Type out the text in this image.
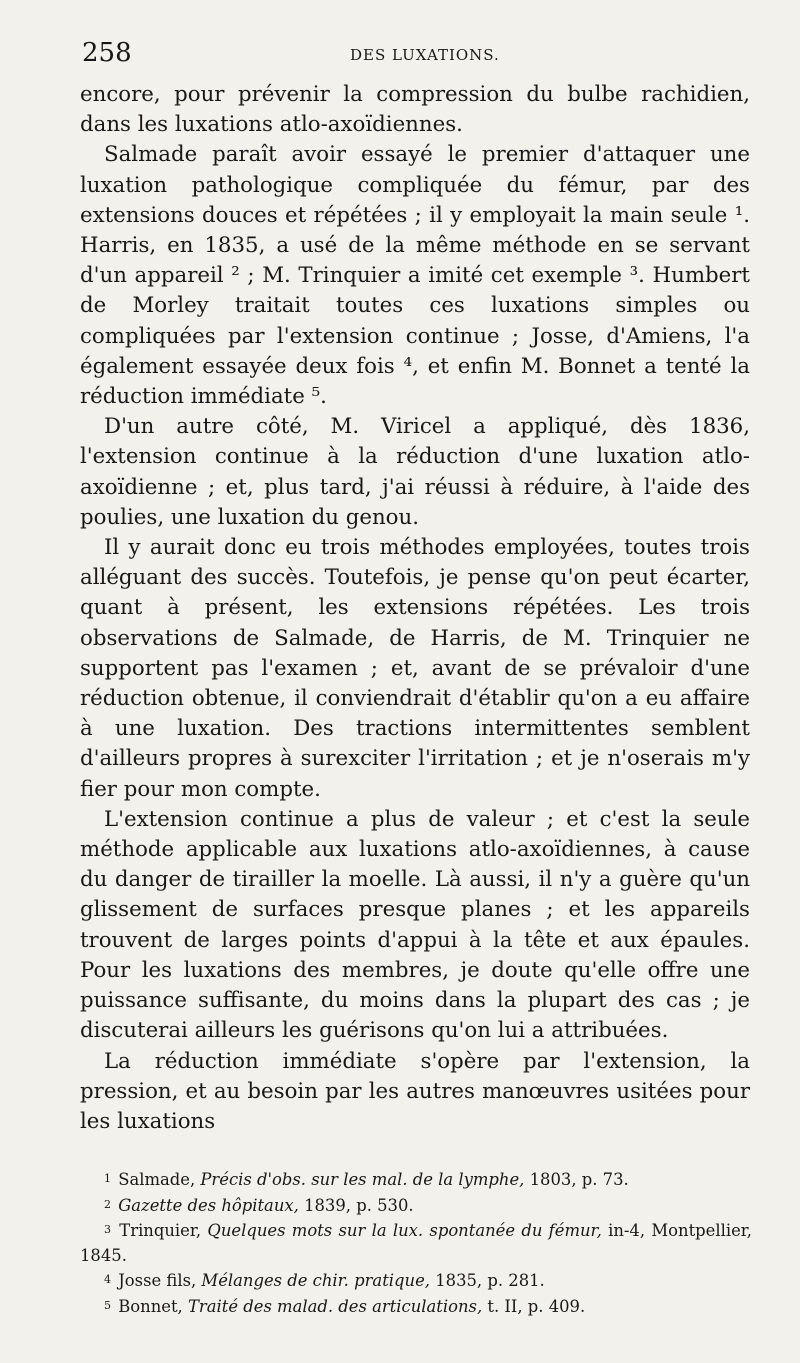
258	DES LUXATIONS.

encore, pour prévenir la compression du bulbe rachidien, dans les luxations atlo-axoïdiennes.

Salmade paraît avoir essayé le premier d'attaquer une luxation pathologique compliquée du fémur, par des extensions douces et répétées ; il y employait la main seule ¹. Harris, en 1835, a usé de la même méthode en se servant d'un appareil ² ; M. Trinquier a imité cet exemple ³. Humbert de Morley traitait toutes ces luxations simples ou compliquées par l'extension continue ; Josse, d'Amiens, l'a également essayée deux fois ⁴, et enfin M. Bonnet a tenté la réduction immédiate ⁵.

D'un autre côté, M. Viricel a appliqué, dès 1836, l'extension continue à la réduction d'une luxation atlo-axoïdienne ; et, plus tard, j'ai réussi à réduire, à l'aide des poulies, une luxation du genou.

Il y aurait donc eu trois méthodes employées, toutes trois alléguant des succès. Toutefois, je pense qu'on peut écarter, quant à présent, les extensions répétées. Les trois observations de Salmade, de Harris, de M. Trinquier ne supportent pas l'examen ; et, avant de se prévaloir d'une réduction obtenue, il conviendrait d'établir qu'on a eu affaire à une luxation. Des tractions intermittentes semblent d'ailleurs propres à surexciter l'irritation ; et je n'oserais m'y fier pour mon compte.

L'extension continue a plus de valeur ; et c'est la seule méthode applicable aux luxations atlo-axoïdiennes, à cause du danger de tirailler la moelle. Là aussi, il n'y a guère qu'un glissement de surfaces presque planes ; et les appareils trouvent de larges points d'appui à la tête et aux épaules. Pour les luxations des membres, je doute qu'elle offre une puissance suffisante, du moins dans la plupart des cas ; je discuterai ailleurs les guérisons qu'on lui a attribuées.

La réduction immédiate s'opère par l'extension, la pression, et au besoin par les autres manœuvres usitées pour les luxations

1 Salmade, Précis d'obs. sur les mal. de la lymphe, 1803, p. 73.

2 Gazette des hôpitaux, 1839, p. 530.

3 Trinquier, Quelques mots sur la lux. spontanée du fémur, in-4, Montpellier, 1845.

4 Josse fils, Mélanges de chir. pratique, 1835, p. 281.

5 Bonnet, Traité des malad. des articulations, t. II, p. 409.
